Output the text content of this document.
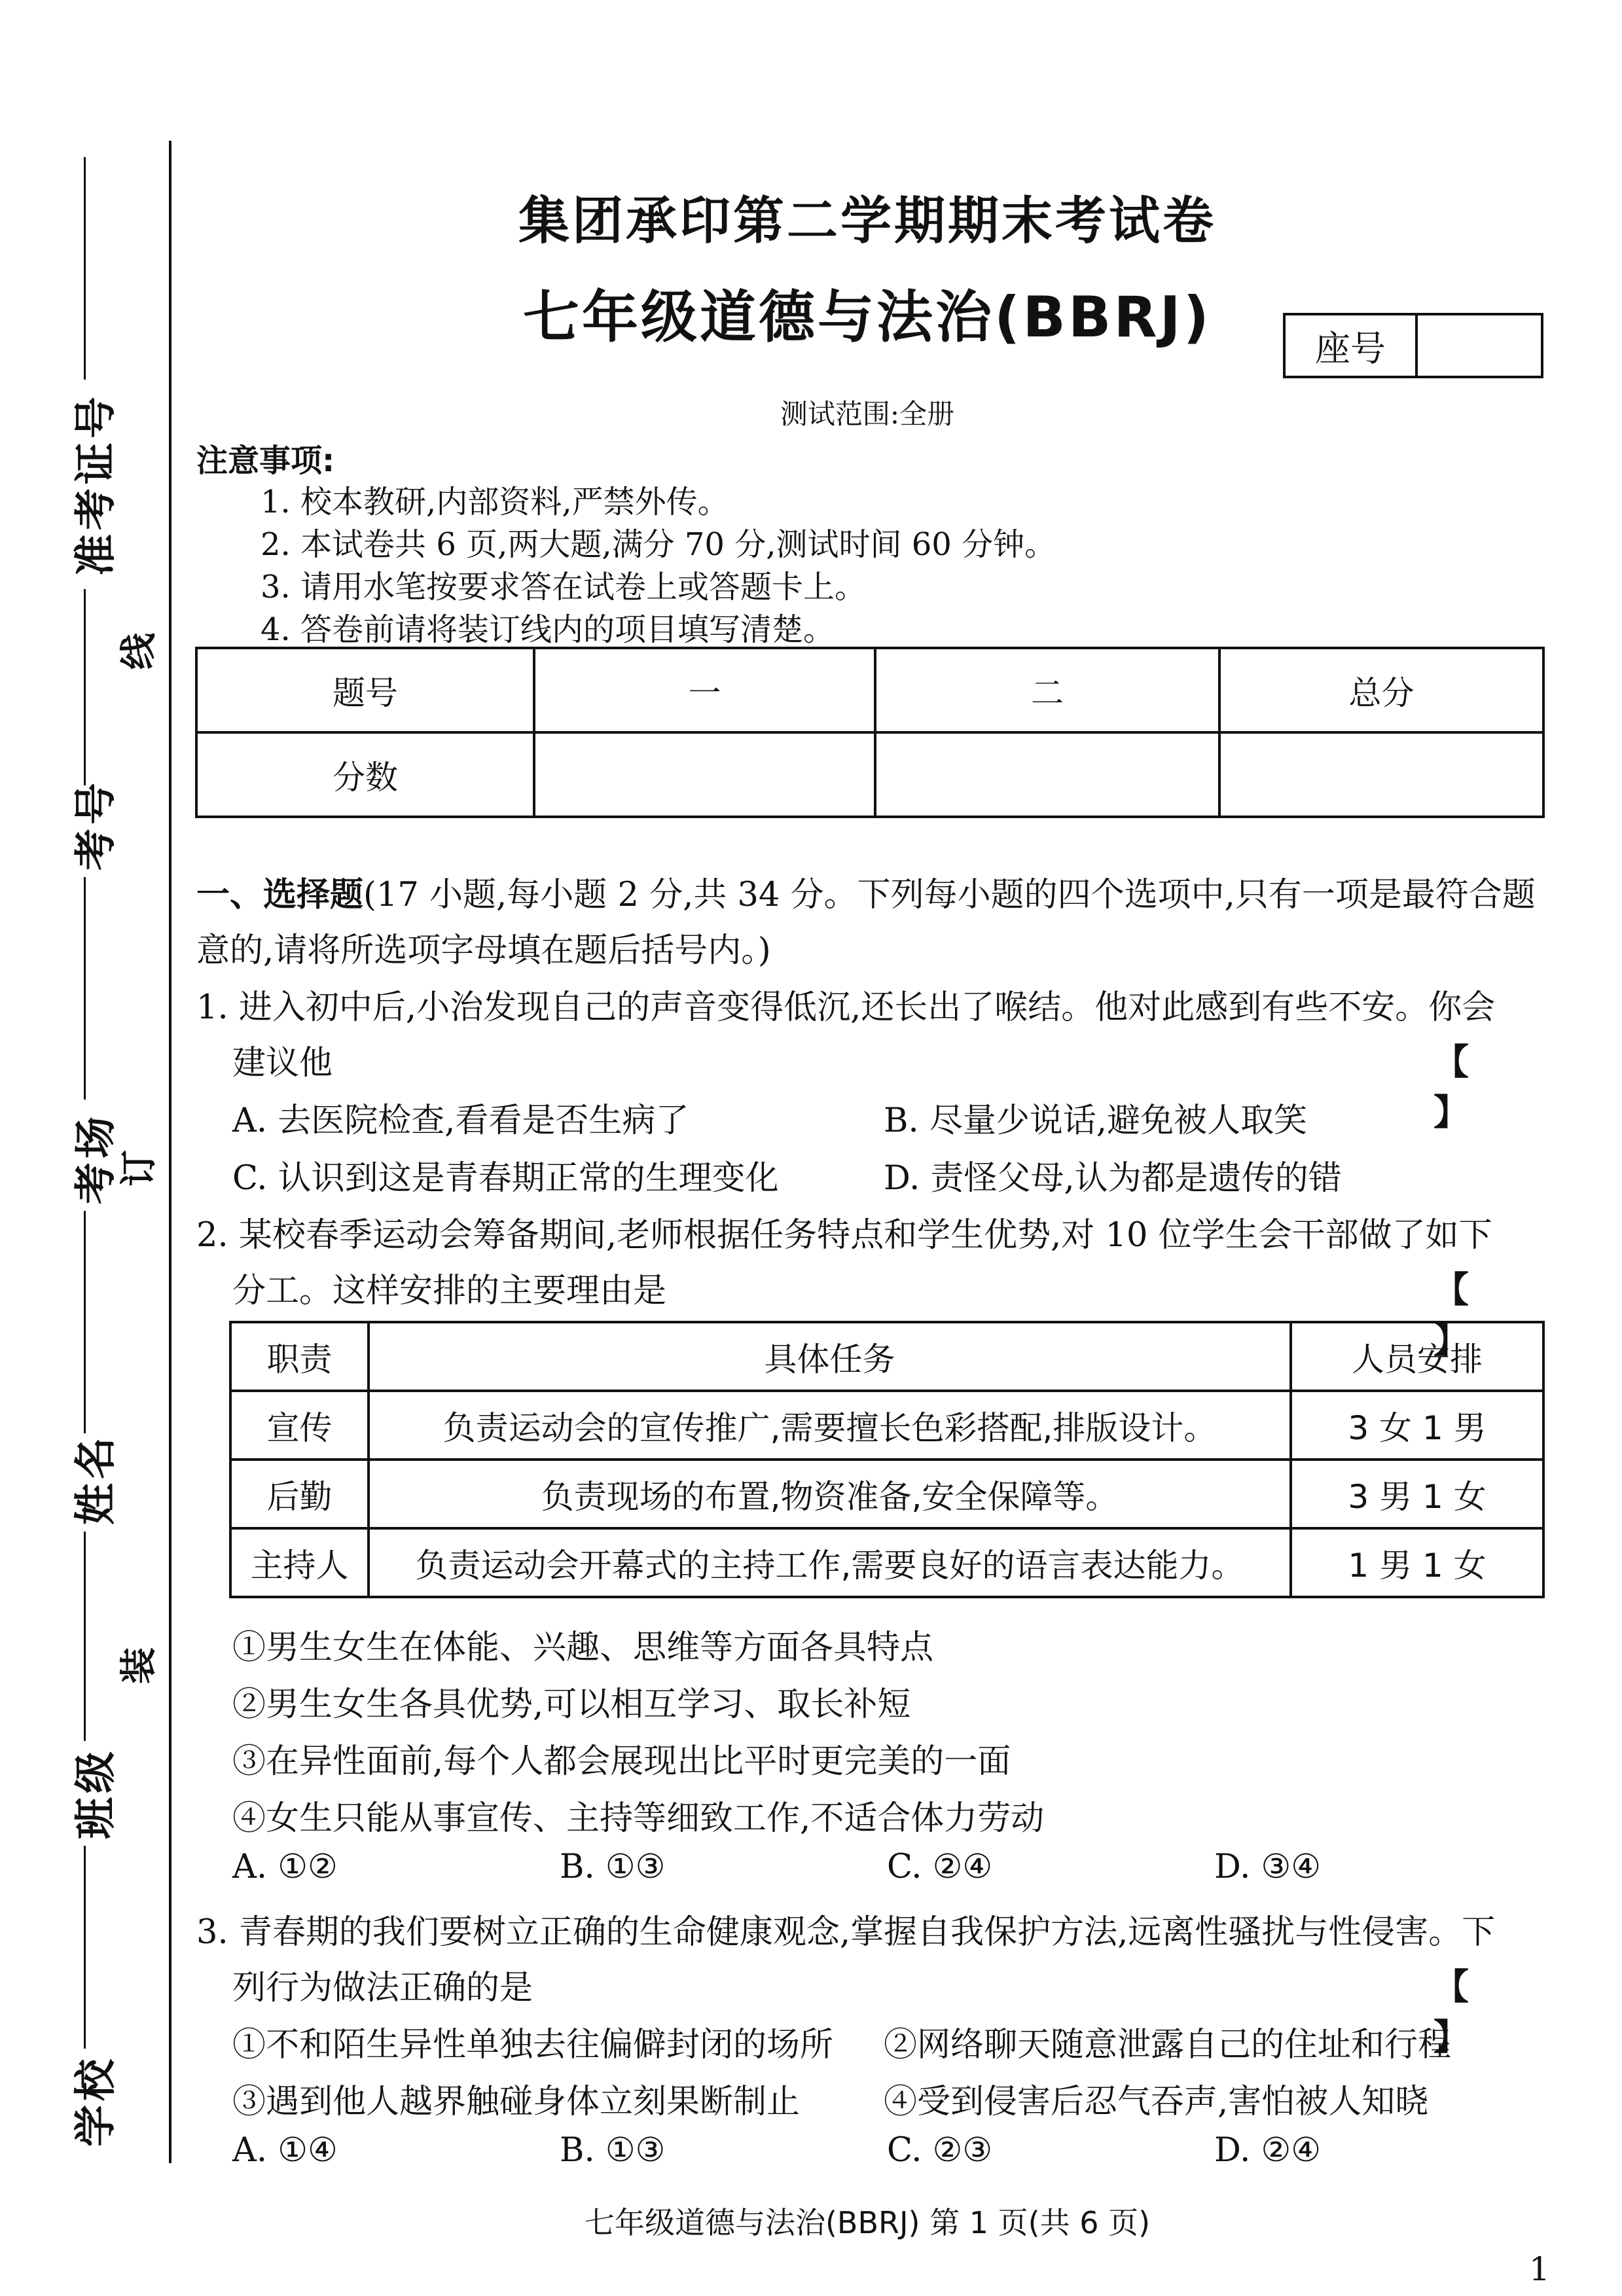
准考证号
考号
考场
姓名
班级
学校
线
订
装
集团承印第二学期期末考试卷
七年级道德与法治(BBRJ)	座号
测试范围:全册
注意事项:
1. 校本教研,内部资料,严禁外传。
2. 本试卷共 6 页,两大题,满分 70 分,测试时间 60 分钟。
3. 请用水笔按要求答在试卷上或答题卡上。
4. 答卷前请将装订线内的项目填写清楚。
题号	一	二	总分
分数			
一、选择题(17 小题,每小题 2 分,共 34 分。下列每小题的四个选项中,只有一项是最符合题
意的,请将所选项字母填在题后括号内。)
1. 进入初中后,小治发现自己的声音变得低沉,还长出了喉结。他对此感到有些不安。你会
建议他	【 】
A. 去医院检查,看看是否生病了	B. 尽量少说话,避免被人取笑
C. 认识到这是青春期正常的生理变化	D. 责怪父母,认为都是遗传的错
2. 某校春季运动会筹备期间,老师根据任务特点和学生优势,对 10 位学生会干部做了如下
分工。这样安排的主要理由是	【 】
职责	具体任务	人员安排
宣传	负责运动会的宣传推广,需要擅长色彩搭配,排版设计。	3 女 1 男
后勤	负责现场的布置,物资准备,安全保障等。	3 男 1 女
主持人	负责运动会开幕式的主持工作,需要良好的语言表达能力。	1 男 1 女
①男生女生在体能、兴趣、思维等方面各具特点
②男生女生各具优势,可以相互学习、取长补短
③在异性面前,每个人都会展现出比平时更完美的一面
④女生只能从事宣传、主持等细致工作,不适合体力劳动
A. ①②	B. ①③	C. ②④	D. ③④
3. 青春期的我们要树立正确的生命健康观念,掌握自我保护方法,远离性骚扰与性侵害。下
列行为做法正确的是	【 】
①不和陌生异性单独去往偏僻封闭的场所 ②网络聊天随意泄露自己的住址和行程
③遇到他人越界触碰身体立刻果断制止	④受到侵害后忍气吞声,害怕被人知晓
A. ①④	B. ①③	C. ②③	D. ②④
七年级道德与法治(BBRJ) 第 1 页(共 6 页)
1
